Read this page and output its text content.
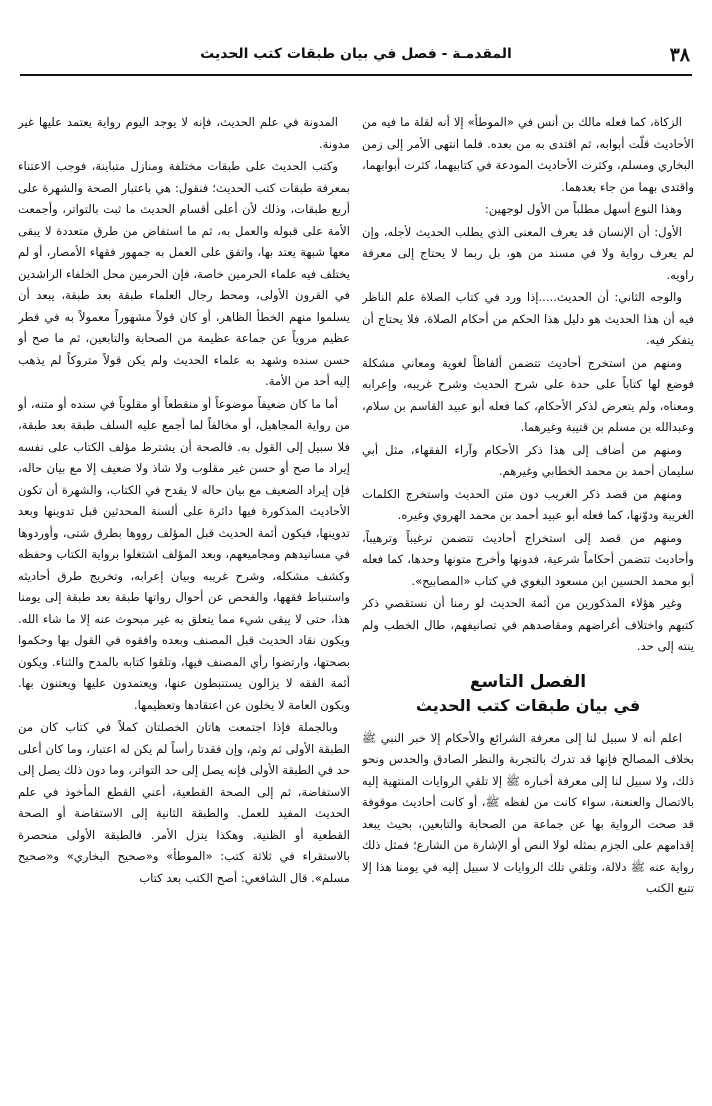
٣٨
المقدمـة - فصل في بيان طبقات كتب الحديث

الزكاة، كما فعله مالك بن أنس في «الموطأ» إلا أنه لقلة ما فيه من الأحاديث قلّت أبوابه، ثم اقتدى به من بعده. فلما انتهى الأمر إلى زمن البخاري ومسلم، وكثرت الأحاديث المودعة في كتابيهما، كثرت أبوابهما، واقتدى بهما من جاء بعدهما.

وهذا النوع أسهل مطلباً من الأول لوجهين:

الأول: أن الإنسان قد يعرف المعنى الذي يطلب الحديث لأجله، وإن لم يعرف رواية ولا في مسند من هو، بل ربما لا يحتاج إلى معرفة راويه.

والوجه الثاني: أن الحديث.....إذا ورد في كتاب الصلاة علم الناظر فيه أن هذا الحديث هو دليل هذا الحكم من أحكام الصلاة، فلا يحتاج أن يتفكر فيه.

ومنهم من استخرج أحاديث تتضمن ألفاظاً لغوية ومعاني مشكلة فوضع لها كتاباً على حدة على شرح الحديث وشرح غريبه، وإعرابه ومعناه، ولم يتعرض لذكر الأحكام، كما فعله أبو عبيد القاسم بن سلام، وعبدالله بن مسلم بن قتيبة وغيرهما.

ومنهم من أضاف إلى هذا ذكر الأحكام وآراء الفقهاء، مثل أبي سليمان أحمد بن محمد الخطابي وغيرهم.

ومنهم من قصد ذكر الغريب دون متن الحديث واستخرج الكلمات الغريبة ودوّنها، كما فعله أبو عبيد أحمد بن محمد الهروي وغيره.

ومنهم من قصد إلى استخراج أحاديث تتضمن ترغيباً وترهيباً، وأحاديث تتضمن أحكاماً شرعية، فدونها وأخرج متونها وحدها، كما فعله أبو محمد الحسين ابن مسعود البغوي في كتاب «المصابيح».

وغير هؤلاء المذكورين من أئمة الحديث لو رمنا أن نستقصي ذكر كتبهم واختلاف أغراضهم ومقاصدهم في تصانيفهم، طال الخطب ولم ينته إلى حد.

الفصل التاسع
في بيان طبقات كتب الحديث

اعلم أنه لا سبيل لنا إلى معرفة الشرائع والأحكام إلا خبر النبي ﷺ بخلاف المصالح فإنها قد تدرك بالتجربة والنظر الصادق والحدس ونحو ذلك، ولا سبيل لنا إلى معرفة أخباره ﷺ إلا تلقي الروايات المنتهية إليه بالاتصال والعنعنة، سواء كانت من لفظه ﷺ، أو كانت أحاديث موقوفة قد صحت الرواية بها عن جماعة من الصحابة والتابعين، بحيث يبعد إقدامهم على الجزم بمثله لولا النص أو الإشارة من الشارع؛ فمثل ذلك رواية عنه ﷺ دلالة، وتلقي تلك الروايات لا سبيل إليه في يومنا هذا إلا تتبع الكتب

المدونة في علم الحديث، فإنه لا يوجد اليوم رواية يعتمد عليها غير مدونة.

وكتب الحديث على طبقات مختلفة ومنازل متباينة، فوجب الاعتناء بمعرفة طبقات كتب الحديث؛ فنقول: هي باعتبار الصحة والشهرة على أربع طبقات، وذلك لأن أعلى أقسام الحديث ما ثبت بالتواتر، وأجمعت الأمة على قبوله والعمل به، ثم ما استفاض من طرق متعددة لا يبقى معها شبهة يعتد بها، واتفق على العمل به جمهور فقهاء الأمصار، أو لم يختلف فيه علماء الحرمين خاصة، فإن الحرمين محل الخلفاء الراشدين في القرون الأولى، ومحط رجال العلماء طبقة بعد طبقة، يبعد أن يسلموا منهم الخطأ الظاهر، أو كان قولاً مشهوراً معمولاً به في قطر عظيم مروياً عن جماعة عظيمة من الصحابة والتابعين، ثم ما صح أو حسن سنده وشهد به علماء الحديث ولم يكن قولاً متروكاً لم يذهب إليه أحد من الأمة.

أما ما كان ضعيفاً موضوعاً أو منقطعاً أو مقلوباً في سنده أو متنه، أو من رواية المجاهيل، أو مخالفاً لما أجمع عليه السلف طبقة بعد طبقة، فلا سبيل إلى القول به. فالصحة أن يشترط مؤلف الكتاب على نفسه إيراد ما صح أو حسن غير مقلوب ولا شاذ ولا ضعيف إلا مع بيان حاله، فإن إيراد الضعيف مع بيان حاله لا يقدح في الكتاب، والشهرة أن تكون الأحاديث المذكورة فيها دائرة على ألسنة المحدثين قبل تدوينها وبعد تدوينها، فيكون أئمة الحديث قبل المؤلف رووها بطرق شتى، وأوردوها في مسانيدهم ومجاميعهم، وبعد المؤلف اشتغلوا برواية الكتاب وحفظه وكشف مشكله، وشرح غريبه وبيان إعرابه، وتخريج طرق أحاديثه واستنباط فقهها، والفحص عن أحوال رواتها طبقة بعد طبقة إلى يومنا هذا، حتى لا يبقى شيء مما يتعلق به غير مبحوث عنه إلا ما شاء الله. ويكون نقاد الحديث قبل المصنف وبعده وافقوه في القول بها وحكموا بصحتها، وارتضوا رأي المصنف فيها، وتلقوا كتابه بالمدح والثناء. ويكون أئمة الفقه لا يزالون يستنبطون عنها، ويعتمدون عليها ويعتنون بها. ويكون العامة لا يخلون عن اعتقادها وتعظيمها.

وبالجملة فإذا اجتمعت هاتان الخصلتان كملاً في كتاب كان من الطبقة الأولى ثم وثم، وإن فقدتا رأساً لم يكن له اعتبار، وما كان أعلى حد في الطبقة الأولى فإنه يصل إلى حد التواتر، وما دون ذلك يصل إلى الاستفاضة، ثم إلى الصحة القطعية، أعني القطع المأخوذ في علم الحديث المفيد للعمل. والطبقة الثانية إلى الاستفاضة أو الصحة القطعية أو الظنية. وهكذا ينزل الأمر. فالطبقة الأولى منحصرة بالاستقراء في ثلاثة كتب: «الموطأ» و«صحيح البخاري» و«صحيح مسلم». قال الشافعي: أصح الكتب بعد كتاب
